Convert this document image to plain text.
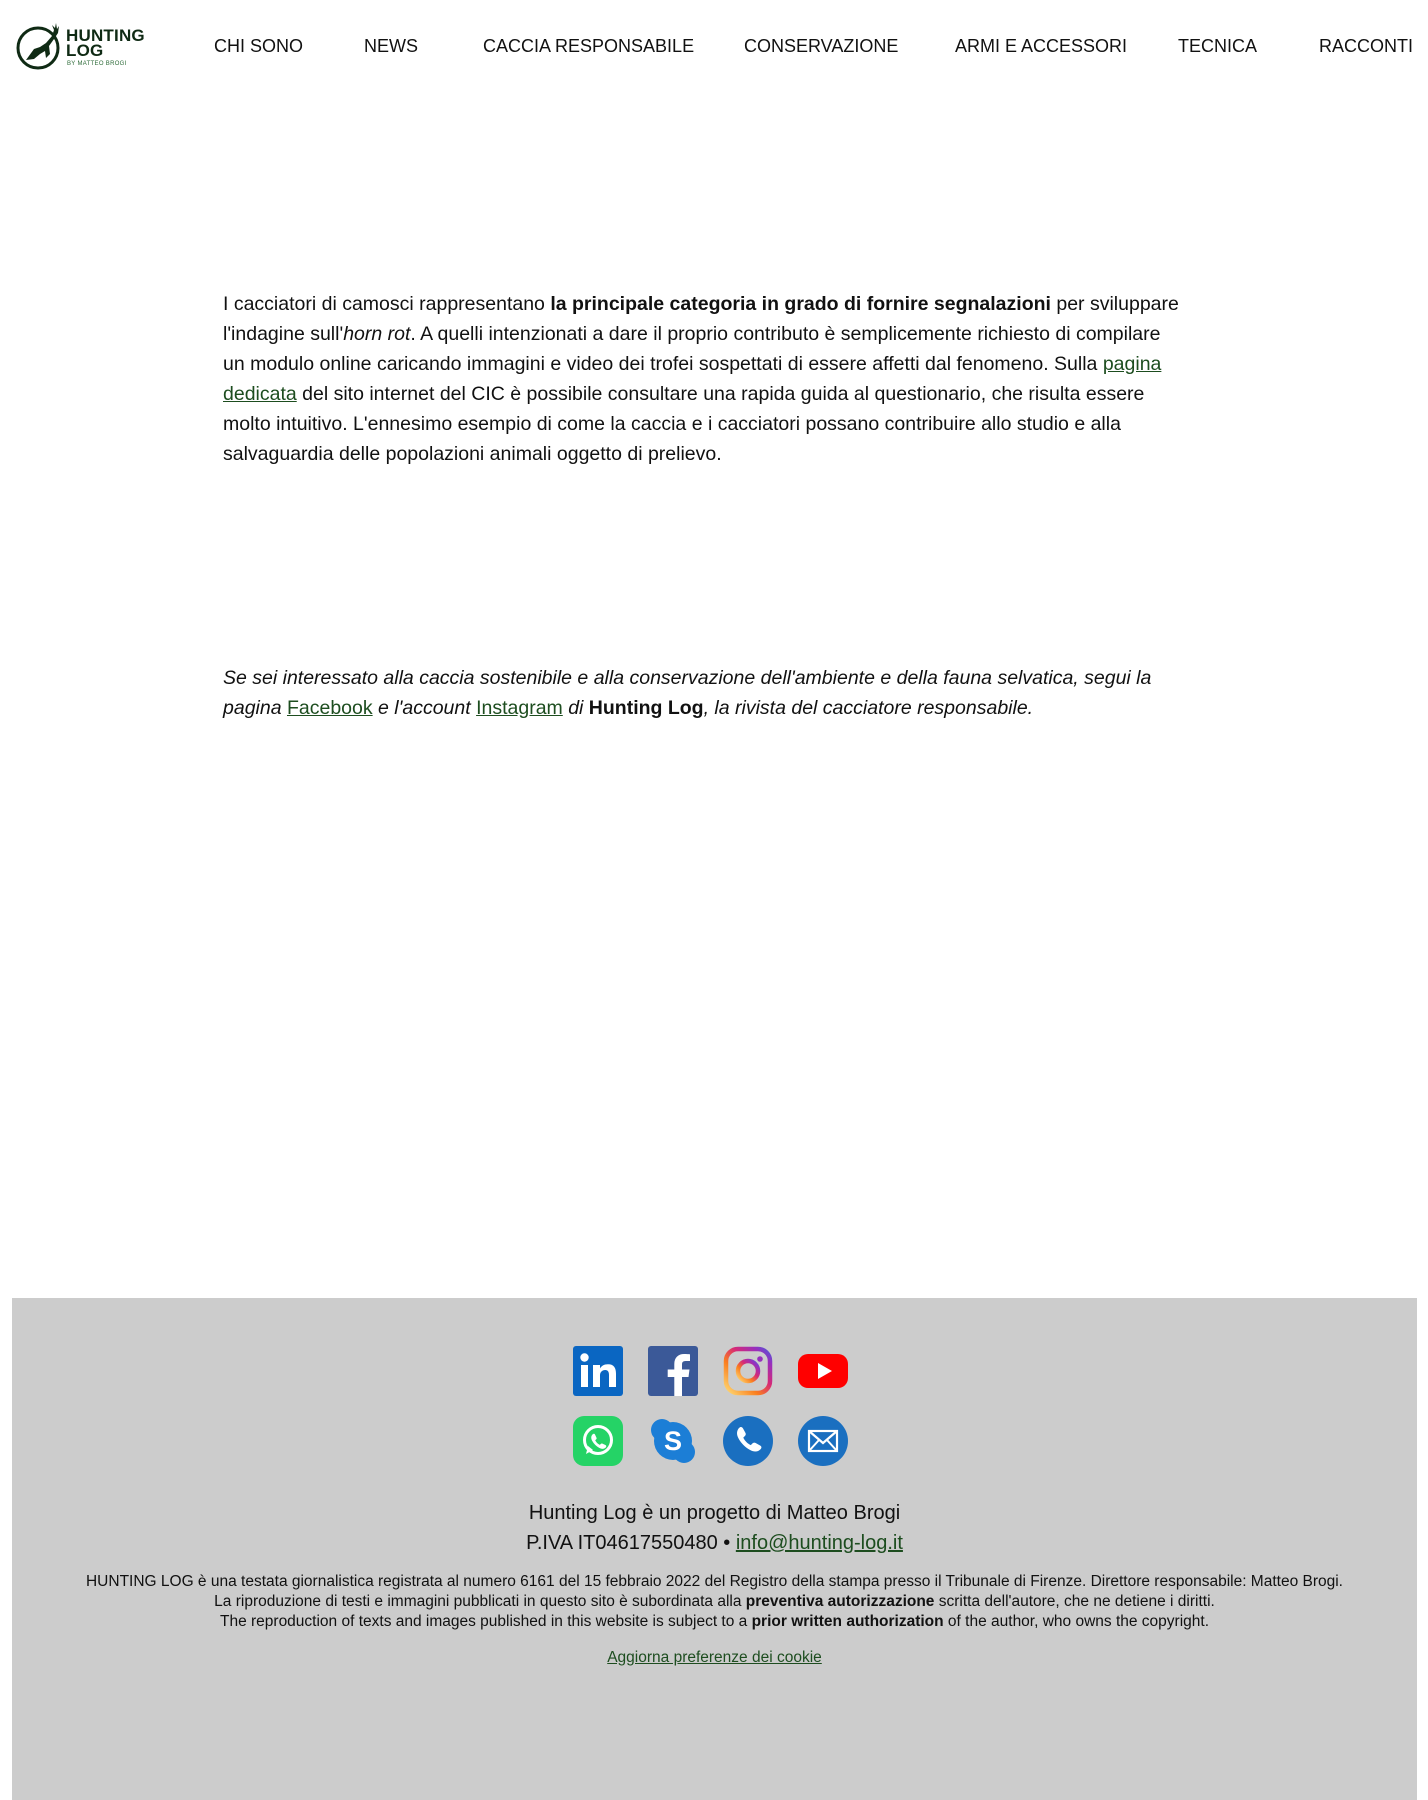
HUNTING
LOG
BY MATTEO BROGI
CHI SONO	NEWS	CACCIA RESPONSABILE	CONSERVAZIONE	ARMI E ACCESSORI	TECNICA	RACCONTI

I cacciatori di camosci rappresentano la principale categoria in grado di fornire segnalazioni per sviluppare l'indagine sull'horn rot. A quelli intenzionati a dare il proprio contributo è semplicemente richiesto di compilare un modulo online caricando immagini e video dei trofei sospettati di essere affetti dal fenomeno. Sulla pagina dedicata del sito internet del CIC è possibile consultare una rapida guida al questionario, che risulta essere molto intuitivo. L'ennesimo esempio di come la caccia e i cacciatori possano contribuire allo studio e alla salvaguardia delle popolazioni animali oggetto di prelievo.

Se sei interessato alla caccia sostenibile e alla conservazione dell'ambiente e della fauna selvatica, segui la pagina Facebook e l'account Instagram di Hunting Log, la rivista del cacciatore responsabile.
S
Hunting Log è un progetto di Matteo Brogi
P.IVA IT04617550480 • info@hunting-log.it
HUNTING LOG è una testata giornalistica registrata al numero 6161 del 15 febbraio 2022 del Registro della stampa presso il Tribunale di Firenze. Direttore responsabile: Matteo Brogi.
La riproduzione di testi e immagini pubblicati in questo sito è subordinata alla preventiva autorizzazione scritta dell'autore, che ne detiene i diritti.
The reproduction of texts and images published in this website is subject to a prior written authorization of the author, who owns the copyright.
Aggiorna preferenze dei cookie
